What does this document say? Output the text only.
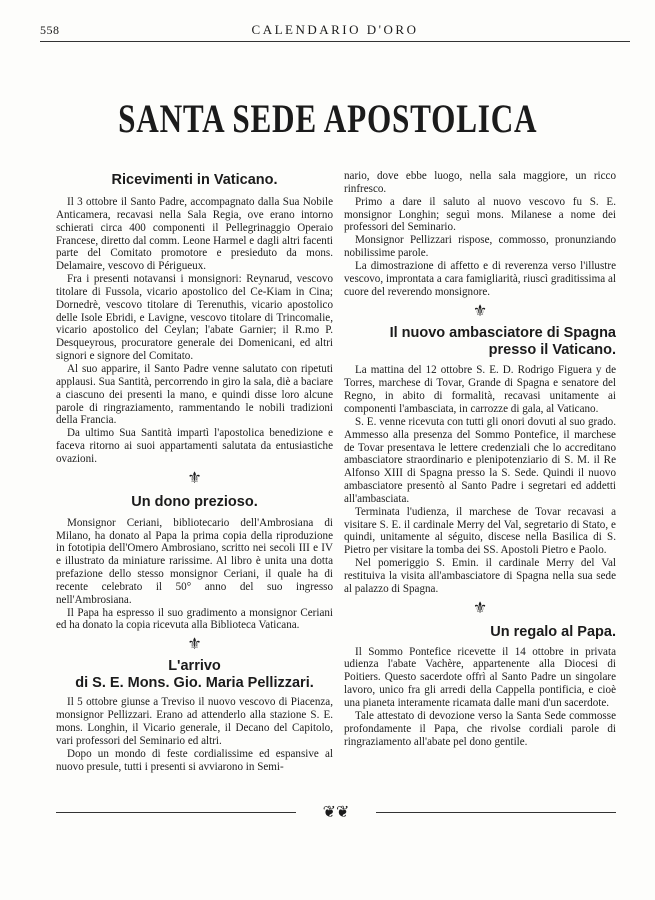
558	CALENDARIO D'ORO
SANTA SEDE APOSTOLICA
Ricevimenti in Vaticano.

Il 3 ottobre il Santo Padre, accompagnato dalla Sua Nobile Anticamera, recavasi nella Sala Regia, ove erano intorno schierati circa 400 componenti il Pellegrinaggio Operaio Francese, diretto dal comm. Leone Harmel e dagli altri facenti parte del Comitato promotore e presieduto da mons. Delamaire, vescovo di Périgueux.

Fra i presenti notavansi i monsignori: Reynarud, vescovo titolare di Fussola, vicario apostolico del Ce-Kiam in Cina; Dornedrè, vescovo titolare di Terenuthis, vicario apostolico delle Isole Ebridi, e Lavigne, vescovo titolare di Trincomalie, vicario apostolico del Ceylan; l'abate Garnier; il R.mo P. Desqueyrous, procuratore generale dei Domenicani, ed altri signori e signore del Comitato.

Al suo apparire, il Santo Padre venne salutato con ripetuti applausi. Sua Santità, percorrendo in giro la sala, diè a baciare a ciascuno dei presenti la mano, e quindi disse loro alcune parole di ringraziamento, rammentando le nobili tradizioni della Francia.

Da ultimo Sua Santità impartì l'apostolica benedizione e faceva ritorno ai suoi appartamenti salutata da entusiastiche ovazioni.

⚜
Un dono prezioso.

Monsignor Ceriani, bibliotecario dell'Ambrosiana di Milano, ha donato al Papa la prima copia della riproduzione in fototipia dell'Omero Ambrosiano, scritto nei secoli III e IV e illustrato da miniature rarissime. Al libro è unita una dotta prefazione dello stesso monsignor Ceriani, il quale ha di recente celebrato il 50° anno del suo ingresso nell'Ambrosiana.

Il Papa ha espresso il suo gradimento a monsignor Ceriani ed ha donato la copia ricevuta alla Biblioteca Vaticana.

⚜
L'arrivo
di S. E. Mons. Gio. Maria Pellizzari.

Il 5 ottobre giunse a Treviso il nuovo vescovo di Piacenza, monsignor Pellizzari. Erano ad attenderlo alla stazione S. E. mons. Longhin, il Vicario generale, il Decano del Capitolo, vari professori del Seminario ed altri.

Dopo un mondo di feste cordialissime ed espansive al nuovo presule, tutti i presenti si avviarono in Semi-

nario, dove ebbe luogo, nella sala maggiore, un ricco rinfresco.

Primo a dare il saluto al nuovo vescovo fu S. E. monsignor Longhin; seguì mons. Milanese a nome dei professori del Seminario.

Monsignor Pellizzari rispose, commosso, pronunziando nobilissime parole.

La dimostrazione di affetto e di reverenza verso l'illustre vescovo, improntata a cara famigliarità, riuscì graditissima al cuore del reverendo monsignore.

⚜
Il nuovo ambasciatore di Spagna
presso il Vaticano.

La mattina del 12 ottobre S. E. D. Rodrigo Figuera y de Torres, marchese di Tovar, Grande di Spagna e senatore del Regno, in abito di formalità, recavasi unitamente ai componenti l'ambasciata, in carrozze di gala, al Vaticano.

S. E. venne ricevuta con tutti gli onori dovuti al suo grado. Ammesso alla presenza del Sommo Pontefice, il marchese de Tovar presentava le lettere credenziali che lo accreditano ambasciatore straordinario e plenipotenziario di S. M. il Re Alfonso XIII di Spagna presso la S. Sede. Quindi il nuovo ambasciatore presentò al Santo Padre i segretari ed addetti all'ambasciata.

Terminata l'udienza, il marchese de Tovar recavasi a visitare S. E. il cardinale Merry del Val, segretario di Stato, e quindi, unitamente al séguito, discese nella Basilica di S. Pietro per visitare la tomba dei SS. Apostoli Pietro e Paolo.

Nel pomeriggio S. Emin. il cardinale Merry del Val restituiva la visita all'ambasciatore di Spagna nella sua sede al palazzo di Spagna.

⚜
Un regalo al Papa.

Il Sommo Pontefice ricevette il 14 ottobre in privata udienza l'abate Vachère, appartenente alla Diocesi di Poitiers. Questo sacerdote offrì al Santo Padre un singolare lavoro, unico fra gli arredi della Cappella pontificia, e cioè una pianeta interamente ricamata dalle mani d'un sacerdote.

Tale attestato di devozione verso la Santa Sede commosse profondamente il Papa, che rivolse cordiali parole di ringraziamento all'abate pel dono gentile.

❦❦
